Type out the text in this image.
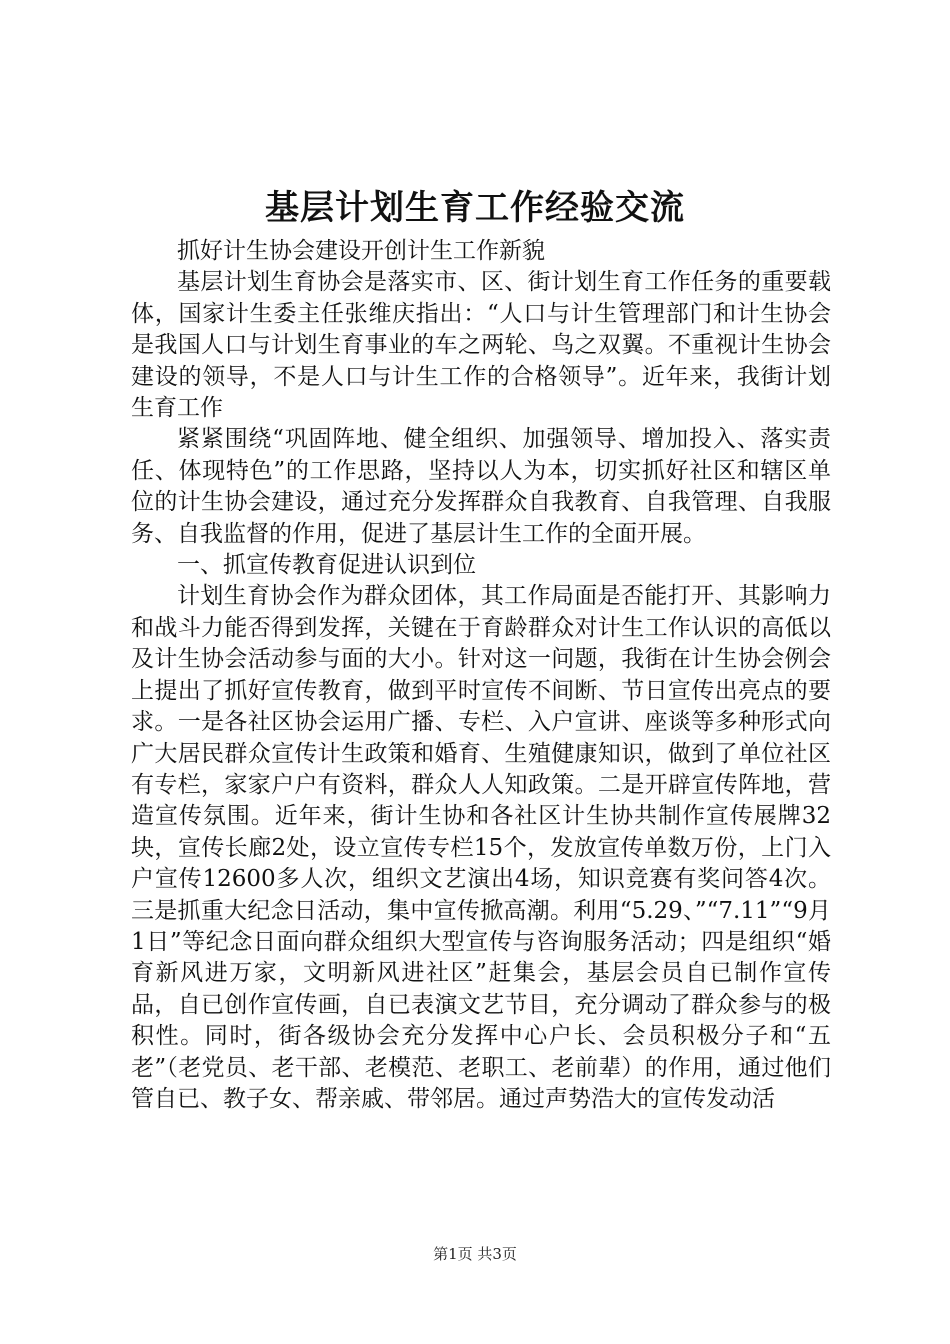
基层计划生育工作经验交流

抓好计生协会建设开创计生工作新貌

基层计划生育协会是落实市、区、街计划生育工作任务的重要载体，国家计生委主任张维庆指出：“人口与计生管理部门和计生协会是我国人口与计划生育事业的车之两轮、鸟之双翼。不重视计生协会建设的领导，不是人口与计生工作的合格领导”。近年来，我街计划生育工作

紧紧围绕“巩固阵地、健全组织、加强领导、增加投入、落实责任、体现特色”的工作思路，坚持以人为本，切实抓好社区和辖区单位的计生协会建设，通过充分发挥群众自我教育、自我管理、自我服务、自我监督的作用，促进了基层计生工作的全面开展。

一、抓宣传教育促进认识到位

计划生育协会作为群众团体，其工作局面是否能打开、其影响力和战斗力能否得到发挥，关键在于育龄群众对计生工作认识的高低以及计生协会活动参与面的大小。针对这一问题，我街在计生协会例会上提出了抓好宣传教育，做到平时宣传不间断、节日宣传出亮点的要求。一是各社区协会运用广播、专栏、入户宣讲、座谈等多种形式向广大居民群众宣传计生政策和婚育、生殖健康知识，做到了单位社区有专栏，家家户户有资料，群众人人知政策。二是开辟宣传阵地，营造宣传氛围。近年来，街计生协和各社区计生协共制作宣传展牌32块，宣传长廊2处，设立宣传专栏15个，发放宣传单数万份，上门入户宣传12600多人次，组织文艺演出4场，知识竞赛有奖问答4次。三是抓重大纪念日活动，集中宣传掀高潮。利用“5.29、”“7.11”“9月1日”等纪念日面向群众组织大型宣传与咨询服务活动；四是组织“婚育新风进万家，文明新风进社区”赶集会，基层会员自已制作宣传品，自已创作宣传画，自已表演文艺节目，充分调动了群众参与的极积性。同时，街各级协会充分发挥中心户长、会员积极分子和“五老”（老党员、老干部、老模范、老职工、老前辈）的作用，通过他们管自已、教子女、帮亲戚、带邻居。通过声势浩大的宣传发动活

第1页 共3页
